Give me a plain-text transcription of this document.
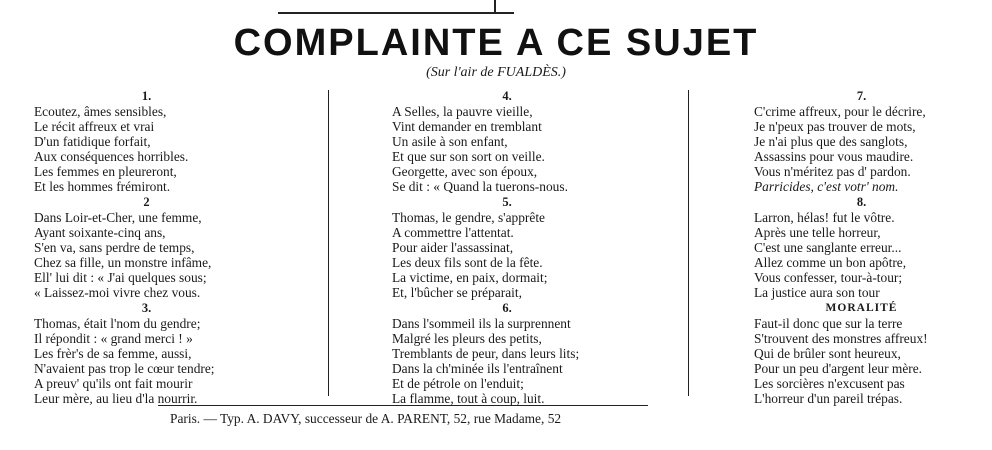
COMPLAINTE A CE SUJET
(Sur l'air de FUALDÈS.)
1.
Ecoutez, âmes sensibles,
Le récit affreux et vrai
D'un fatidique forfait,
Aux conséquences horribles.
Les femmes en pleureront,
Et les hommes frémiront.
2
Dans Loir-et-Cher, une femme,
Ayant soixante-cinq ans,
S'en va, sans perdre de temps,
Chez sa fille, un monstre infâme,
Ell' lui dit : « J'ai quelques sous;
« Laissez-moi vivre chez vous.
3.
Thomas, était l'nom du gendre;
Il répondit : « grand merci ! »
Les frèr's de sa femme, aussi,
N'avaient pas trop le cœur tendre;
A preuv' qu'ils ont fait mourir
Leur mère, au lieu d'la nourrir.
4.
A Selles, la pauvre vieille,
Vint demander en tremblant
Un asile à son enfant,
Et que sur son sort on veille.
Georgette, avec son époux,
Se dit : « Quand la tuerons-nous.
5.
Thomas, le gendre, s'apprête
A commettre l'attentat.
Pour aider l'assassinat,
Les deux fils sont de la fête.
La victime, en paix, dormait;
Et, l'bûcher se préparait,
6.
Dans l'sommeil ils la surprennent
Malgré les pleurs des petits,
Tremblants de peur, dans leurs lits;
Dans la ch'minée ils l'entraînent
Et de pétrole on l'enduit;
La flamme, tout à coup, luit.
7.
C'crime affreux, pour le décrire,
Je n'peux pas trouver de mots,
Je n'ai plus que des sanglots,
Assassins pour vous maudire.
Vous n'méritez pas d' pardon.
Parricides, c'est votr' nom.
8.
Larron, hélas! fut le vôtre.
Après une telle horreur,
C'est une sanglante erreur...
Allez comme un bon apôtre,
Vous confesser, tour-à-tour;
La justice aura son tour
MORALITÉ
Faut-il donc que sur la terre
S'trouvent des monstres affreux!
Qui de brûler sont heureux,
Pour un peu d'argent leur mère.
Les sorcières n'excusent pas
L'horreur d'un pareil trépas.
Paris. — Typ. A. DAVY, successeur de A. PARENT, 52, rue Madame, 52
